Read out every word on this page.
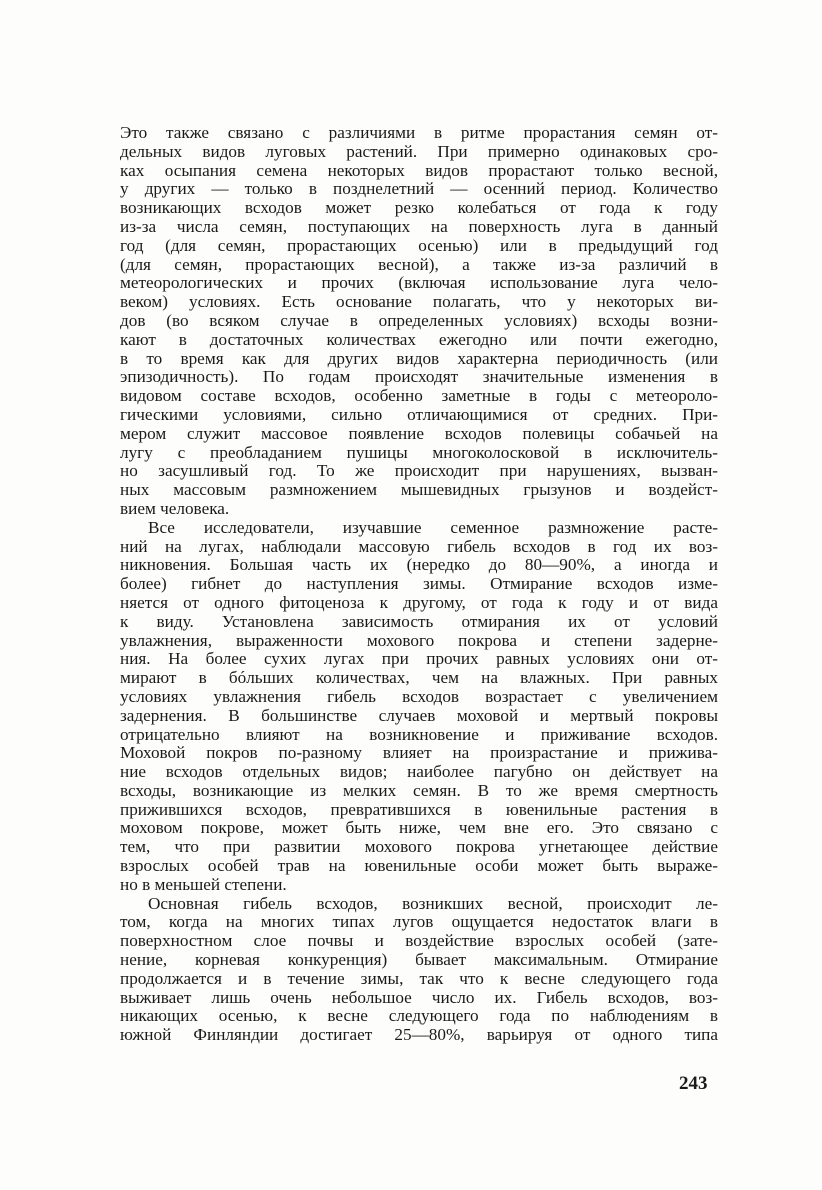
Это также связано с различиями в ритме прорастания семян от-
дельных видов луговых растений. При примерно одинаковых сро-
ках осыпания семена некоторых видов прорастают только весной,
у других — только в позднелетний — осенний период. Количество
возникающих всходов может резко колебаться от года к году
из-за числа семян, поступающих на поверхность луга в данный
год (для семян, прорастающих осенью) или в предыдущий год
(для семян, прорастающих весной), а также из-за различий в
метеорологических и прочих (включая использование луга чело-
веком) условиях. Есть основание полагать, что у некоторых ви-
дов (во всяком случае в определенных условиях) всходы возни-
кают в достаточных количествах ежегодно или почти ежегодно,
в то время как для других видов характерна периодичность (или
эпизодичность). По годам происходят значительные изменения в
видовом составе всходов, особенно заметные в годы с метеороло-
гическими условиями, сильно отличающимися от средних. При-
мером служит массовое появление всходов полевицы собачьей на
лугу с преобладанием пушицы многоколосковой в исключитель-
но засушливый год. То же происходит при нарушениях, вызван-
ных массовым размножением мышевидных грызунов и воздейст-
вием человека.
Все исследователи, изучавшие семенное размножение расте-
ний на лугах, наблюдали массовую гибель всходов в год их воз-
никновения. Большая часть их (нередко до 80—90%, а иногда и
более) гибнет до наступления зимы. Отмирание всходов изме-
няется от одного фитоценоза к другому, от года к году и от вида
к виду. Установлена зависимость отмирания их от условий
увлажнения, выраженности мохового покрова и степени задерне-
ния. На более сухих лугах при прочих равных условиях они от-
мирают в бóльших количествах, чем на влажных. При равных
условиях увлажнения гибель всходов возрастает с увеличением
задернения. В большинстве случаев моховой и мертвый покровы
отрицательно влияют на возникновение и приживание всходов.
Моховой покров по-разному влияет на произрастание и прижива-
ние всходов отдельных видов; наиболее пагубно он действует на
всходы, возникающие из мелких семян. В то же время смертность
прижившихся всходов, превратившихся в ювенильные растения в
моховом покрове, может быть ниже, чем вне его. Это связано с
тем, что при развитии мохового покрова угнетающее действие
взрослых особей трав на ювенильные особи может быть выраже-
но в меньшей степени.
Основная гибель всходов, возникших весной, происходит ле-
том, когда на многих типах лугов ощущается недостаток влаги в
поверхностном слое почвы и воздействие взрослых особей (зате-
нение, корневая конкуренция) бывает максимальным. Отмирание
продолжается и в течение зимы, так что к весне следующего года
выживает лишь очень небольшое число их. Гибель всходов, воз-
никающих осенью, к весне следующего года по наблюдениям в
южной Финляндии достигает 25—80%, варьируя от одного типа
243
